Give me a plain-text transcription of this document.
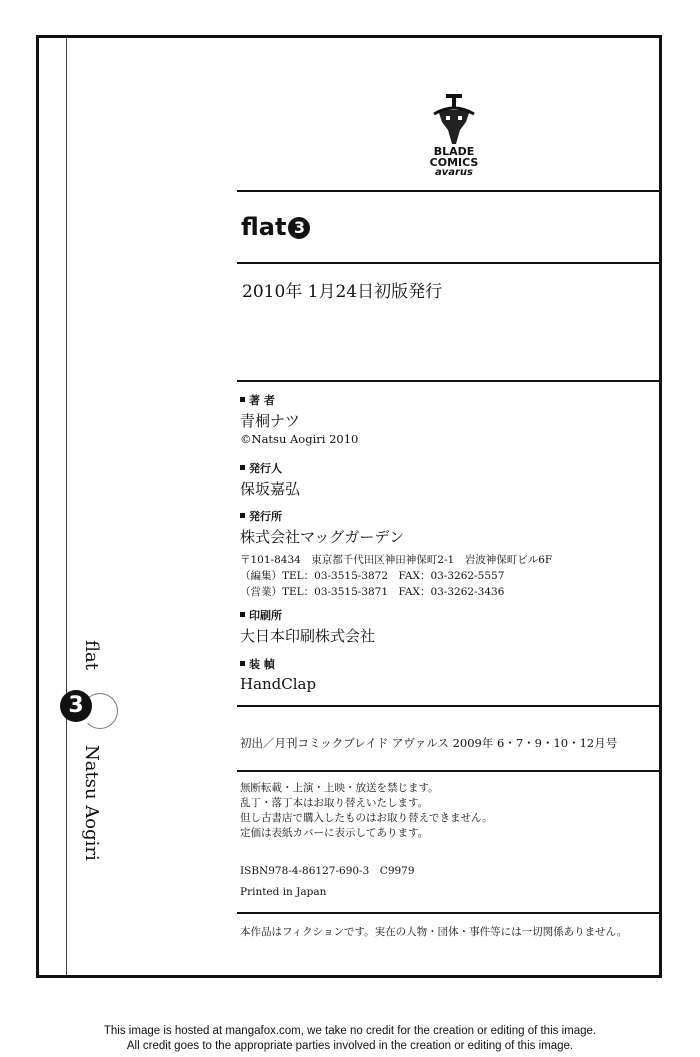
BLADE
COMICS
avarus
flat 3
2010年 1月24日初版発行
著 者
青桐ナツ
©Natsu Aogiri 2010
発行人
保坂嘉弘
発行所
株式会社マッグガーデン
〒101-8434　東京都千代田区神田神保町2-1　岩波神保町ビル6F
（編集）TEL：03-3515-3872　FAX：03-3262-5557
（営業）TEL：03-3515-3871　FAX：03-3262-3436
印刷所
大日本印刷株式会社
装 幀
HandClap
初出／月刊コミックブレイド アヴァルス 2009年 6・7・9・10・12月号
無断転載・上演・上映・放送を禁じます。
乱丁・落丁本はお取り替えいたします。
但し古書店で購入したものはお取り替えできません。
定価は表紙カバーに表示してあります。
ISBN978-4-86127-690-3　C9979
Printed in Japan
本作品はフィクションです。実在の人物・団体・事件等には一切関係ありません。
flat
3
Natsu Aogiri
This image is hosted at mangafox.com, we take no credit for the creation or editing of this image.
All credit goes to the appropriate parties involved in the creation or editing of this image.
